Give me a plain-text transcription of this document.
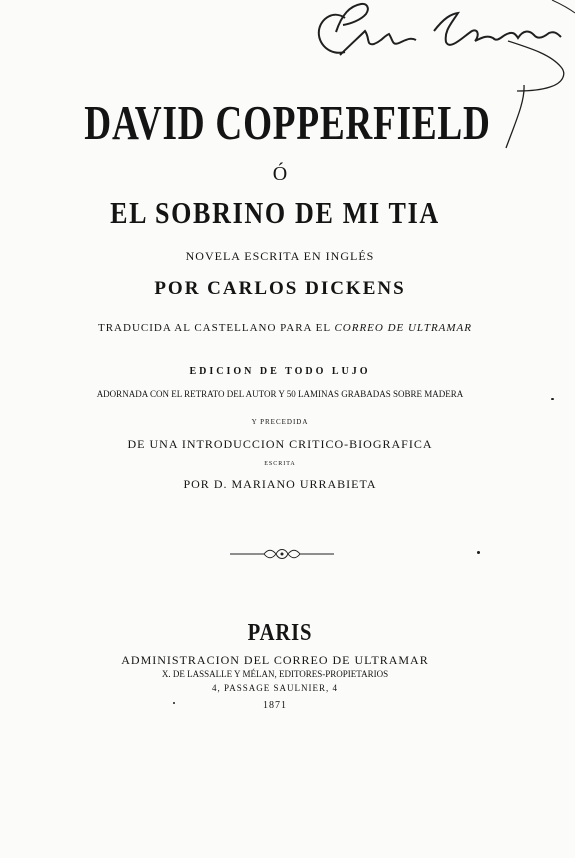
Chas Aerolas
DAVID COPPERFIELD
Ó
EL SOBRINO DE MI TIA
NOVELA ESCRITA EN INGLÉS
POR CARLOS DICKENS
TRADUCIDA AL CASTELLANO PARA EL CORREO DE ULTRAMAR
EDICION DE TODO LUJO
ADORNADA CON EL RETRATO DEL AUTOR Y 50 LAMINAS GRABADAS SOBRE MADERA
Y PRECEDIDA
DE UNA INTRODUCCION CRITICO-BIOGRAFICA
ESCRITA
POR D. MARIANO URRABIETA
PARIS
ADMINISTRACION DEL CORREO DE ULTRAMAR
X. DE LASSALLE Y MÉLAN, EDITORES-PROPIETARIOS
4, PASSAGE SAULNIER, 4
1871
